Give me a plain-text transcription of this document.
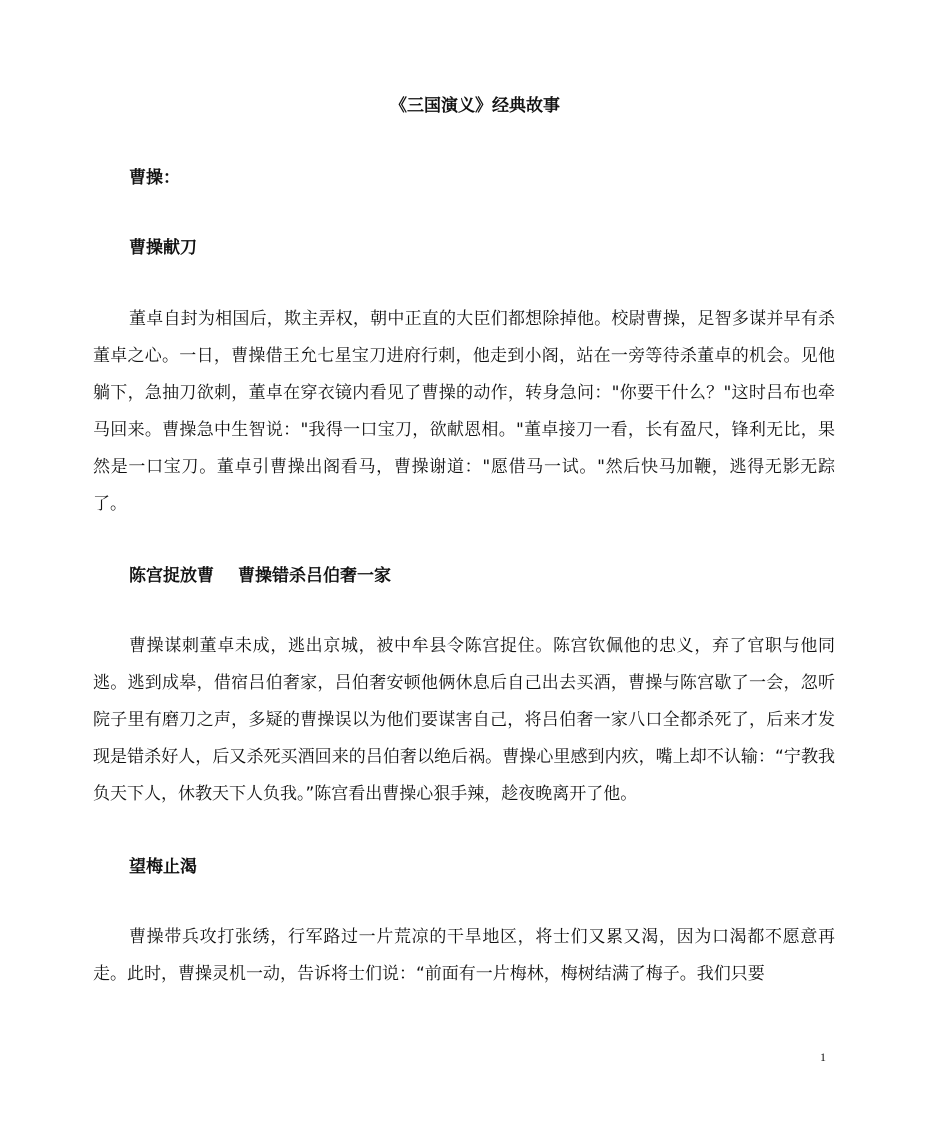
《三国演义》经典故事
曹操：
曹操献刀

董卓自封为相国后，欺主弄权，朝中正直的大臣们都想除掉他。校尉曹操，足智多谋并早有杀董卓之心。一日，曹操借王允七星宝刀进府行刺，他走到小阁，站在一旁等待杀董卓的机会。见他躺下，急抽刀欲刺，董卓在穿衣镜内看见了曹操的动作，转身急问："你要干什么？"这时吕布也牵马回来。曹操急中生智说："我得一口宝刀，欲献恩相。"董卓接刀一看，长有盈尺，锋利无比，果然是一口宝刀。董卓引曹操出阁看马，曹操谢道："愿借马一试。"然后快马加鞭，逃得无影无踪了。

陈宫捉放曹 曹操错杀吕伯奢一家

曹操谋刺董卓未成，逃出京城，被中牟县令陈宫捉住。陈宫钦佩他的忠义，弃了官职与他同逃。逃到成皋，借宿吕伯奢家，吕伯奢安顿他俩休息后自己出去买酒，曹操与陈宫歇了一会，忽听院子里有磨刀之声，多疑的曹操误以为他们要谋害自己，将吕伯奢一家八口全都杀死了，后来才发现是错杀好人，后又杀死买酒回来的吕伯奢以绝后祸。曹操心里感到内疚，嘴上却不认输：“宁教我负天下人，休教天下人负我。”陈宫看出曹操心狠手辣，趁夜晚离开了他。

望梅止渴

曹操带兵攻打张绣，行军路过一片荒凉的干旱地区，将士们又累又渴，因为口渴都不愿意再走。此时，曹操灵机一动，告诉将士们说：“前面有一片梅林，梅树结满了梅子。我们只要

1
